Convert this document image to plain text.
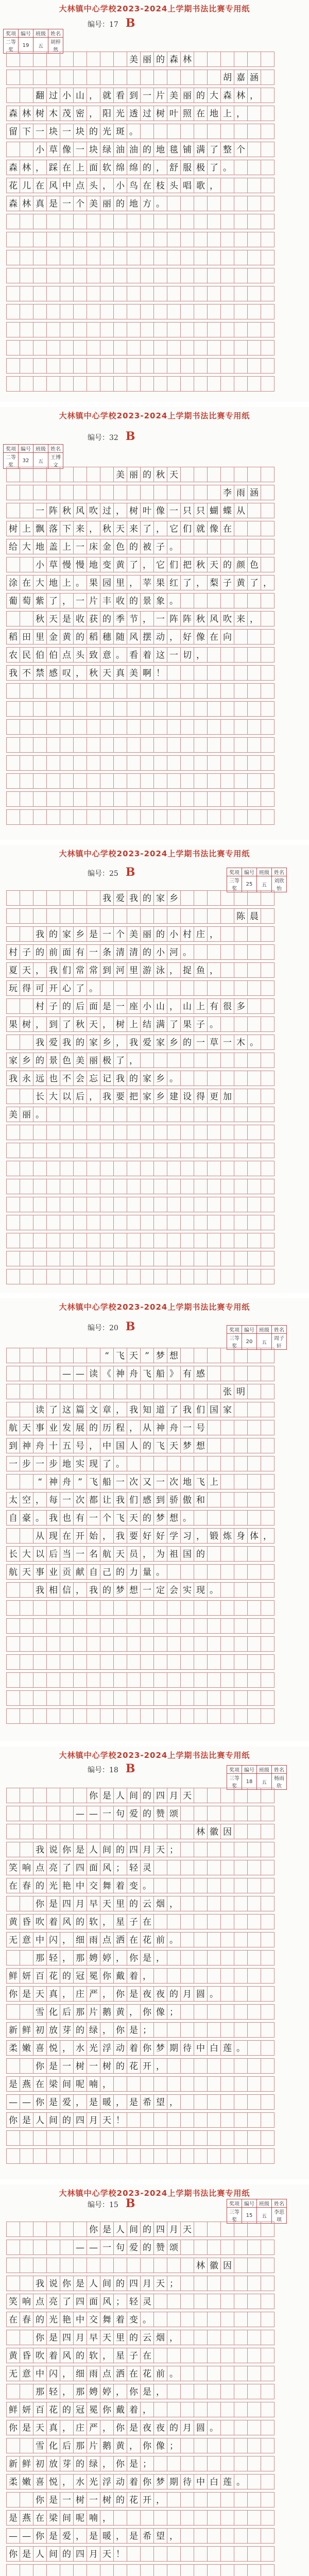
大林镇中心学校2023-2024上学期书法比赛专用纸
编号：17 B
奖项	编号	班级	姓名
二等奖	19	五	胡梓然
美 丽 的 森 林
胡 嘉 涵
翻 过 小 山 ， 就 看 到 一 片 美 丽 的 大 森 林 ，
森 林 树 木 茂 密 ， 阳 光 透 过 树 叶 照 在 地 上 ，
留 下 一 块 一 块 的 光 斑 。
小 草 像 一 块 绿 油 油 的 地 毯 铺 满 了 整 个
森 林 ， 踩 在 上 面 软 绵 绵 的 ， 舒 服 极 了 。
花 儿 在 风 中 点 头 ， 小 鸟 在 枝 头 唱 歌 ，
森 林 真 是 一 个 美 丽 的 地 方 。
大林镇中心学校2023-2024上学期书法比赛专用纸
编号：32 B
奖项	编号	班级	姓名
二等奖	32	五	王博文
美 丽 的 秋 天
李 雨 涵
一 阵 秋 风 吹 过 ， 树 叶 像 一 只 只 蝴 蝶 从
树 上 飘 落 下 来 ， 秋 天 来 了 ， 它 们 就 像 在
给 大 地 盖 上 一 床 金 色 的 被 子 。
小 草 慢 慢 地 变 黄 了 ， 它 们 把 秋 天 的 颜 色
涂 在 大 地 上 。 果 园 里 ， 苹 果 红 了 ， 梨 子 黄 了 ，
葡 萄 紫 了 ， 一 片 丰 收 的 景 象 。
秋 天 是 收 获 的 季 节 ， 一 阵 阵 秋 风 吹 来 ，
稻 田 里 金 黄 的 稻 穗 随 风 摆 动 ， 好 像 在 向
农 民 伯 伯 点 头 致 意 。 看 着 这 一 切 ，
我 不 禁 感 叹 ， 秋 天 真 美 啊 ！
大林镇中心学校2023-2024上学期书法比赛专用纸
编号：25 B	奖项	编号	班级	姓名
三等奖	25	五	刘欣怡
我 爱 我 的 家 乡
陈 晨
我 的 家 乡 是 一 个 美 丽 的 小 村 庄 ，
村 子 的 前 面 有 一 条 清 清 的 小 河 。
夏 天 ， 我 们 常 常 到 河 里 游 泳 ， 捉 鱼 ，
玩 得 可 开 心 了 。
村 子 的 后 面 是 一 座 小 山 ， 山 上 有 很 多
果 树 ， 到 了 秋 天 ， 树 上 结 满 了 果 子 。
我 爱 我 的 家 乡 ， 我 爱 家 乡 的 一 草 一 木 。
家 乡 的 景 色 美 丽 极 了 ，
我 永 远 也 不 会 忘 记 我 的 家 乡 。
长 大 以 后 ， 我 要 把 家 乡 建 设 得 更 加
美 丽 。
大林镇中心学校2023-2024上学期书法比赛专用纸
编号：20 B	奖项	编号	班级	姓名
三等奖	20	五	周子轩
“ 飞 天 ” 梦 想
— — 读 《 神 舟 飞 船 》 有 感
张 明
读 了 这 篇 文 章 ， 我 知 道 了 我 们 国 家
航 天 事 业 发 展 的 历 程 ， 从 神 舟 一 号
到 神 舟 十 五 号 ， 中 国 人 的 飞 天 梦 想
一 步 一 步 地 实 现 了 。
“ 神 舟 ” 飞 船 一 次 又 一 次 地 飞 上
太 空 ， 每 一 次 都 让 我 们 感 到 骄 傲 和
自 豪 。 我 也 有 一 个 飞 天 的 梦 想 。
从 现 在 开 始 ， 我 要 好 好 学 习 ， 锻 炼 身 体 ，
长 大 以 后 当 一 名 航 天 员 ， 为 祖 国 的
航 天 事 业 贡 献 自 己 的 力 量 。
我 相 信 ， 我 的 梦 想 一 定 会 实 现 。
大林镇中心学校2023-2024上学期书法比赛专用纸
编号：18 B	奖项	编号	班级	姓名
三等奖	18	五	杨雨欣
你 是 人 间 的 四 月 天
— — 一 句 爱 的 赞 颂
林 徽 因
我 说 你 是 人 间 的 四 月 天 ；
笑 响 点 亮 了 四 面 风 ； 轻 灵
在 春 的 光 艳 中 交 舞 着 变 。
你 是 四 月 早 天 里 的 云 烟 ，
黄 昏 吹 着 风 的 软 ， 星 子 在
无 意 中 闪 ， 细 雨 点 洒 在 花 前 。
那 轻 ， 那 娉 婷 ， 你 是 ，
鲜 妍 百 花 的 冠 冕 你 戴 着 ，
你 是 天 真 ， 庄 严 ， 你 是 夜 夜 的 月 圆 。
雪 化 后 那 片 鹅 黄 ， 你 像 ；
新 鲜 初 放 芽 的 绿 ， 你 是 ；
柔 嫩 喜 悦 ， 水 光 浮 动 着 你 梦 期 待 中 白 莲 。
你 是 一 树 一 树 的 花 开 ，
是 燕 在 梁 间 呢 喃 ，
— — 你 是 爱 ， 是 暖 ， 是 希 望 ，
你 是 人 间 的 四 月 天 ！
大林镇中心学校2023-2024上学期书法比赛专用纸
编号：15 B	奖项	编号	班级	姓名
三等奖	15	五	李思琪
你 是 人 间 的 四 月 天
— — 一 句 爱 的 赞 颂
林 徽 因
我 说 你 是 人 间 的 四 月 天 ；
笑 响 点 亮 了 四 面 风 ； 轻 灵
在 春 的 光 艳 中 交 舞 着 变 。
你 是 四 月 早 天 里 的 云 烟 ，
黄 昏 吹 着 风 的 软 ， 星 子 在
无 意 中 闪 ， 细 雨 点 洒 在 花 前 。
那 轻 ， 那 娉 婷 ， 你 是 ，
鲜 妍 百 花 的 冠 冕 你 戴 着 ，
你 是 天 真 ， 庄 严 ， 你 是 夜 夜 的 月 圆 。
雪 化 后 那 片 鹅 黄 ， 你 像 ；
新 鲜 初 放 芽 的 绿 ， 你 是 ；
柔 嫩 喜 悦 ， 水 光 浮 动 着 你 梦 期 待 中 白 莲 。
你 是 一 树 一 树 的 花 开 ，
是 燕 在 梁 间 呢 喃 ，
— — 你 是 爱 ， 是 暖 ， 是 希 望 ，
你 是 人 间 的 四 月 天 ！
